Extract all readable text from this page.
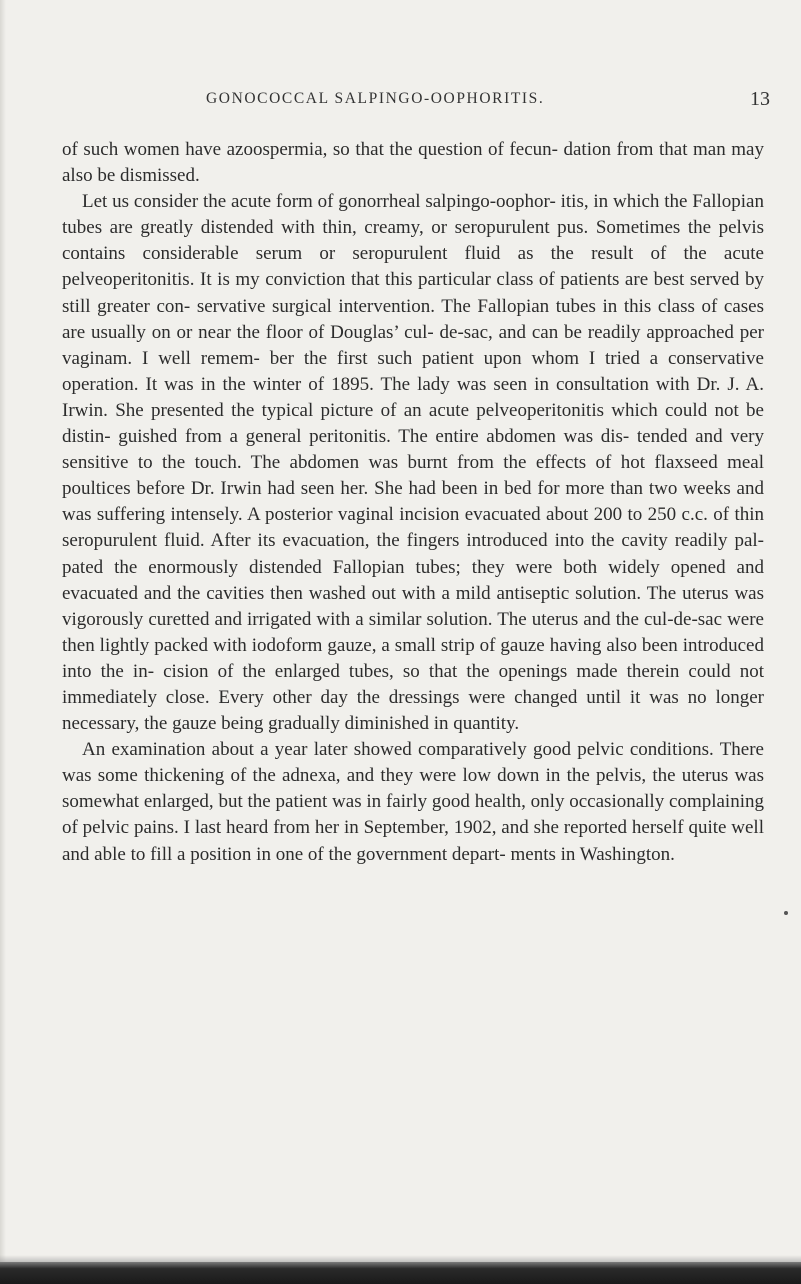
GONOCOCCAL SALPINGO-OOPHORITIS.	13

of such women have azoospermia, so that the question of fecun- dation from that man may also be dismissed.

Let us consider the acute form of gonorrheal salpingo-oophor- itis, in which the Fallopian tubes are greatly distended with thin, creamy, or seropurulent pus. Sometimes the pelvis contains considerable serum or seropurulent fluid as the result of the acute pelveoperitonitis. It is my conviction that this particular class of patients are best served by still greater con- servative surgical intervention. The Fallopian tubes in this class of cases are usually on or near the floor of Douglas’ cul- de-sac, and can be readily approached per vaginam. I well remem- ber the first such patient upon whom I tried a conservative operation. It was in the winter of 1895. The lady was seen in consultation with Dr. J. A. Irwin. She presented the typical picture of an acute pelveoperitonitis which could not be distin- guished from a general peritonitis. The entire abdomen was dis- tended and very sensitive to the touch. The abdomen was burnt from the effects of hot flaxseed meal poultices before Dr. Irwin had seen her. She had been in bed for more than two weeks and was suffering intensely. A posterior vaginal incision evacuated about 200 to 250 c.c. of thin seropurulent fluid. After its evacuation, the fingers introduced into the cavity readily pal- pated the enormously distended Fallopian tubes; they were both widely opened and evacuated and the cavities then washed out with a mild antiseptic solution. The uterus was vigorously curetted and irrigated with a similar solution. The uterus and the cul-de-sac were then lightly packed with iodoform gauze, a small strip of gauze having also been introduced into the in- cision of the enlarged tubes, so that the openings made therein could not immediately close. Every other day the dressings were changed until it was no longer necessary, the gauze being gradually diminished in quantity.

An examination about a year later showed comparatively good pelvic conditions. There was some thickening of the adnexa, and they were low down in the pelvis, the uterus was somewhat enlarged, but the patient was in fairly good health, only occasionally complaining of pelvic pains. I last heard from her in September, 1902, and she reported herself quite well and able to fill a position in one of the government depart- ments in Washington.
